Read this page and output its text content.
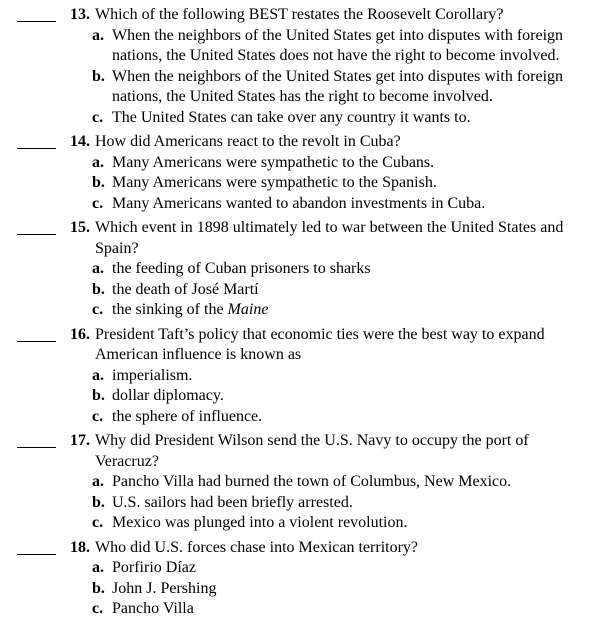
13. Which of the following BEST restates the Roosevelt Corollary?
a. When the neighbors of the United States get into disputes with foreign nations, the United States does not have the right to become involved.
b. When the neighbors of the United States get into disputes with foreign nations, the United States has the right to become involved.
c. The United States can take over any country it wants to.
14. How did Americans react to the revolt in Cuba?
a. Many Americans were sympathetic to the Cubans.
b. Many Americans were sympathetic to the Spanish.
c. Many Americans wanted to abandon investments in Cuba.
15. Which event in 1898 ultimately led to war between the United States and Spain?
a. the feeding of Cuban prisoners to sharks
b. the death of José Martí
c. the sinking of the Maine
16. President Taft’s policy that economic ties were the best way to expand American influence is known as
a. imperialism.
b. dollar diplomacy.
c. the sphere of influence.
17. Why did President Wilson send the U.S. Navy to occupy the port of Veracruz?
a. Pancho Villa had burned the town of Columbus, New Mexico.
b. U.S. sailors had been briefly arrested.
c. Mexico was plunged into a violent revolution.
18. Who did U.S. forces chase into Mexican territory?
a. Porfirio Díaz
b. John J. Pershing
c. Pancho Villa
